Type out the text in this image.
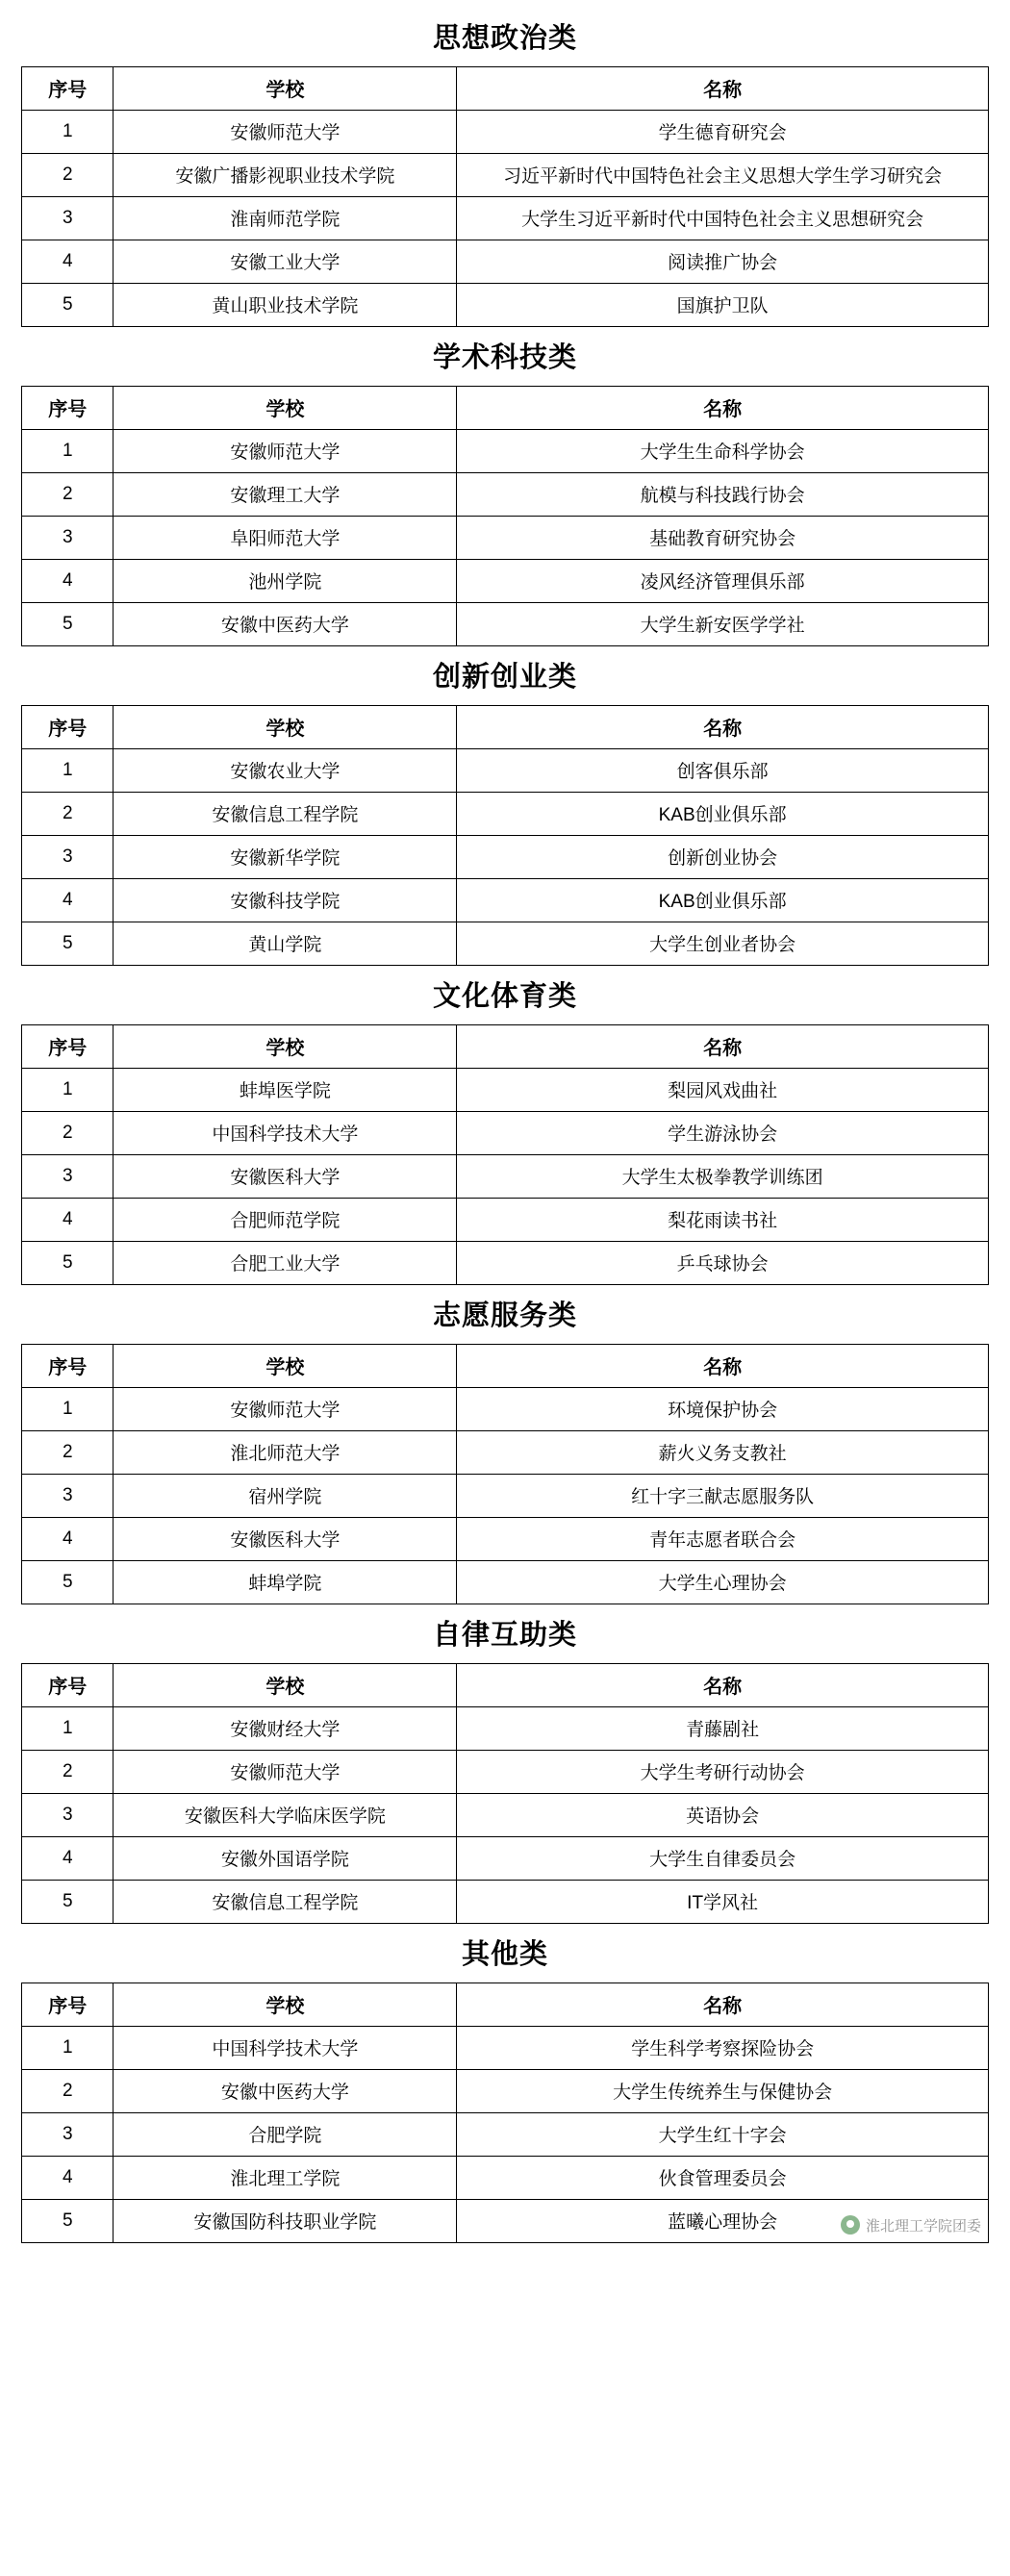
思想政治类
序号	学校	名称
1	安徽师范大学	学生德育研究会
2	安徽广播影视职业技术学院	习近平新时代中国特色社会主义思想大学生学习研究会
3	淮南师范学院	大学生习近平新时代中国特色社会主义思想研究会
4	安徽工业大学	阅读推广协会
5	黄山职业技术学院	国旗护卫队
学术科技类
序号	学校	名称
1	安徽师范大学	大学生生命科学协会
2	安徽理工大学	航模与科技践行协会
3	阜阳师范大学	基础教育研究协会
4	池州学院	凌风经济管理俱乐部
5	安徽中医药大学	大学生新安医学学社
创新创业类
序号	学校	名称
1	安徽农业大学	创客俱乐部
2	安徽信息工程学院	KAB创业俱乐部
3	安徽新华学院	创新创业协会
4	安徽科技学院	KAB创业俱乐部
5	黄山学院	大学生创业者协会
文化体育类
序号	学校	名称
1	蚌埠医学院	梨园风戏曲社
2	中国科学技术大学	学生游泳协会
3	安徽医科大学	大学生太极拳教学训练团
4	合肥师范学院	梨花雨读书社
5	合肥工业大学	乒乓球协会
志愿服务类
序号	学校	名称
1	安徽师范大学	环境保护协会
2	淮北师范大学	薪火义务支教社
3	宿州学院	红十字三献志愿服务队
4	安徽医科大学	青年志愿者联合会
5	蚌埠学院	大学生心理协会
自律互助类
序号	学校	名称
1	安徽财经大学	青藤剧社
2	安徽师范大学	大学生考研行动协会
3	安徽医科大学临床医学院	英语协会
4	安徽外国语学院	大学生自律委员会
5	安徽信息工程学院	IT学风社
其他类
序号	学校	名称
1	中国科学技术大学	学生科学考察探险协会
2	安徽中医药大学	大学生传统养生与保健协会
3	合肥学院	大学生红十字会
4	淮北理工学院	伙食管理委员会
5	安徽国防科技职业学院	蓝曦心理协会	淮北理工学院团委
